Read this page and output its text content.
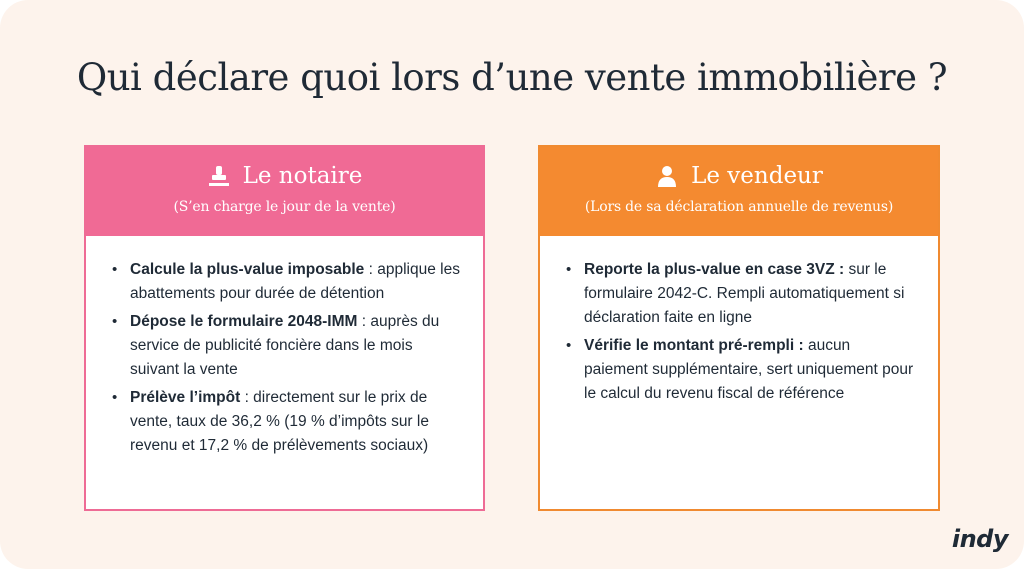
Qui déclare quoi lors d’une vente immobilière ?
Le notaire
(S’en charge le jour de la vente)
• Calcule la plus-value imposable : applique les abattements pour durée de détention
• Dépose le formulaire 2048-IMM : auprès du service de publicité foncière dans le mois suivant la vente
• Prélève l’impôt : directement sur le prix de vente, taux de 36,2 % (19 % d’impôts sur le revenu et 17,2 % de prélèvements sociaux)
Le vendeur
(Lors de sa déclaration annuelle de revenus)
• Reporte la plus-value en case 3VZ : sur le formulaire 2042-C. Rempli automatiquement si déclaration faite en ligne
• Vérifie le montant pré-rempli : aucun paiement supplémentaire, sert uniquement pour le calcul du revenu fiscal de référence
indy
